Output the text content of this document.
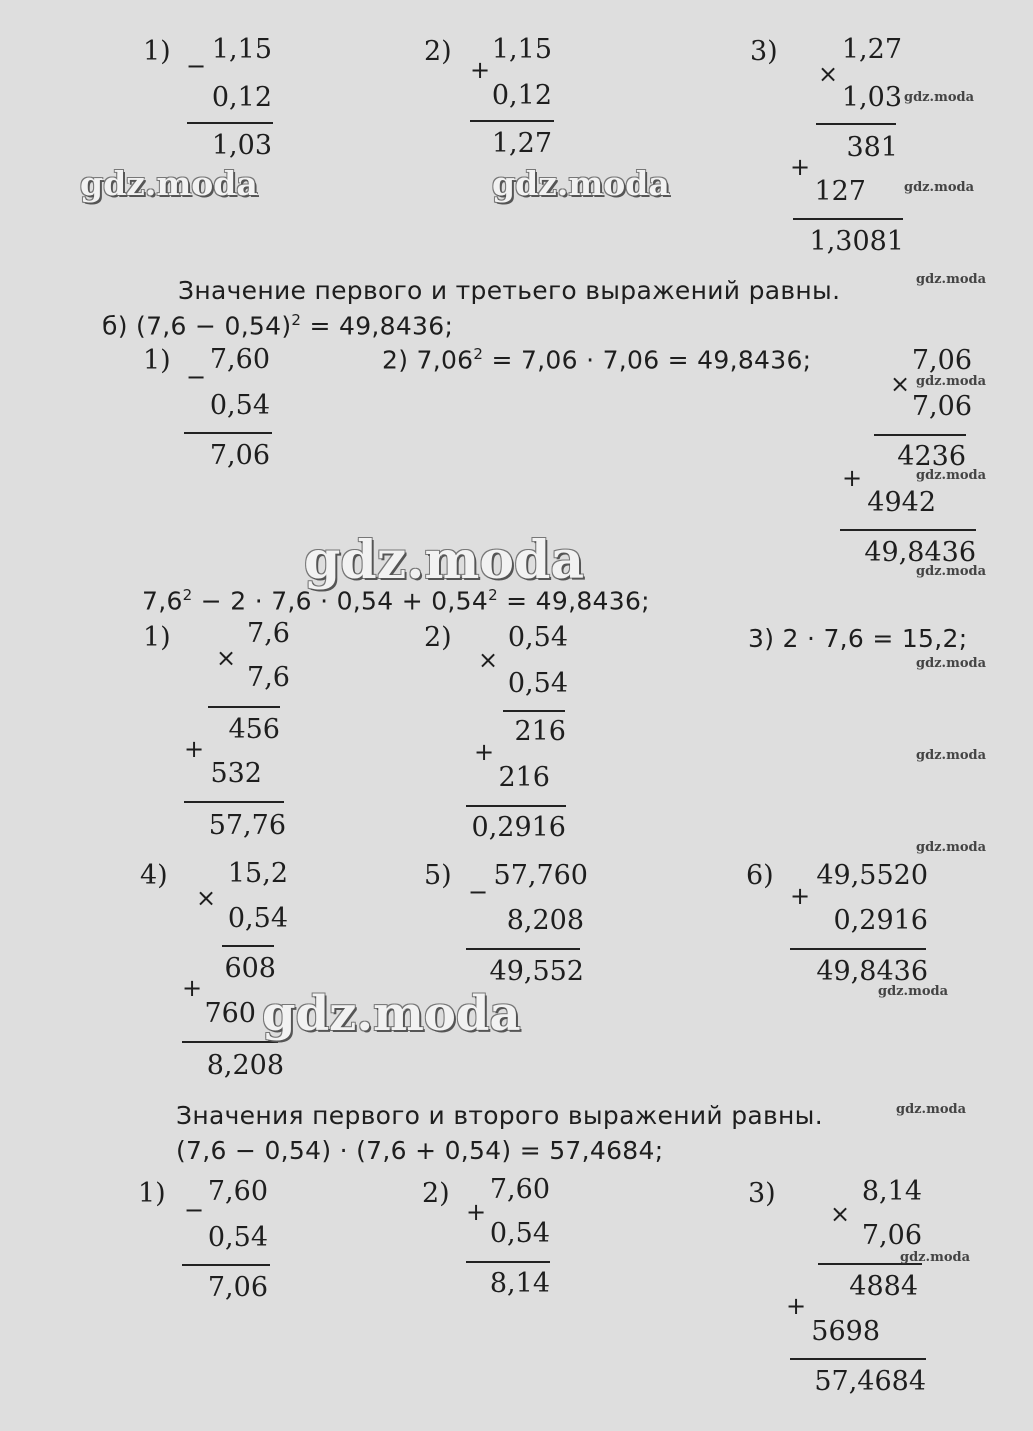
1) −
1,15
0,12
1,03
2)
+
1,15
0,12
1,27
3)
×
1,27
1,03
381
+
127
1,3081
gdz.moda	gdz.moda
gdz.moda
gdz.moda
gdz.moda
Значение первого и третьего выражений равны.
б) $(7,6 - 0,54)^2 = 49,8436$;
1)
−
7,60
0,54
7,06
2) $7,06^2 = 7,06 \cdot 7,06 = 49,8436$;
×
7,06
7,06
4236
+
4942
49,8436
gdz.moda
gdz.moda
gdz.moda
gdz.moda
$7,6^2 - 2 \cdot 7,6 \cdot 0,54 + 0,54^2 = 49,8436$;
1)
×
7,6
7,6
456
+
532
57,76
2)
×
0,54
0,54
216
+
216
0,2916
3) 2 · 7,6 = 15,2;
gdz.moda
gdz.moda
gdz.moda
4)
×
15,2
0,54
608
+
760
8,208
5)
−
57,760
8,208
49,552
6)
+
49,5520
0,2916
49,8436
gdz.moda
gdz.moda
Значения первого и второго выражений равны.	gdz.moda
(7,6 − 0,54) · (7,6 + 0,54) = 57,4684;
1)
−
7,60
0,54
7,06
2)
+
7,60
0,54
8,14
3)
×
8,14
7,06
4884
+
5698
57,4684
gdz.moda
